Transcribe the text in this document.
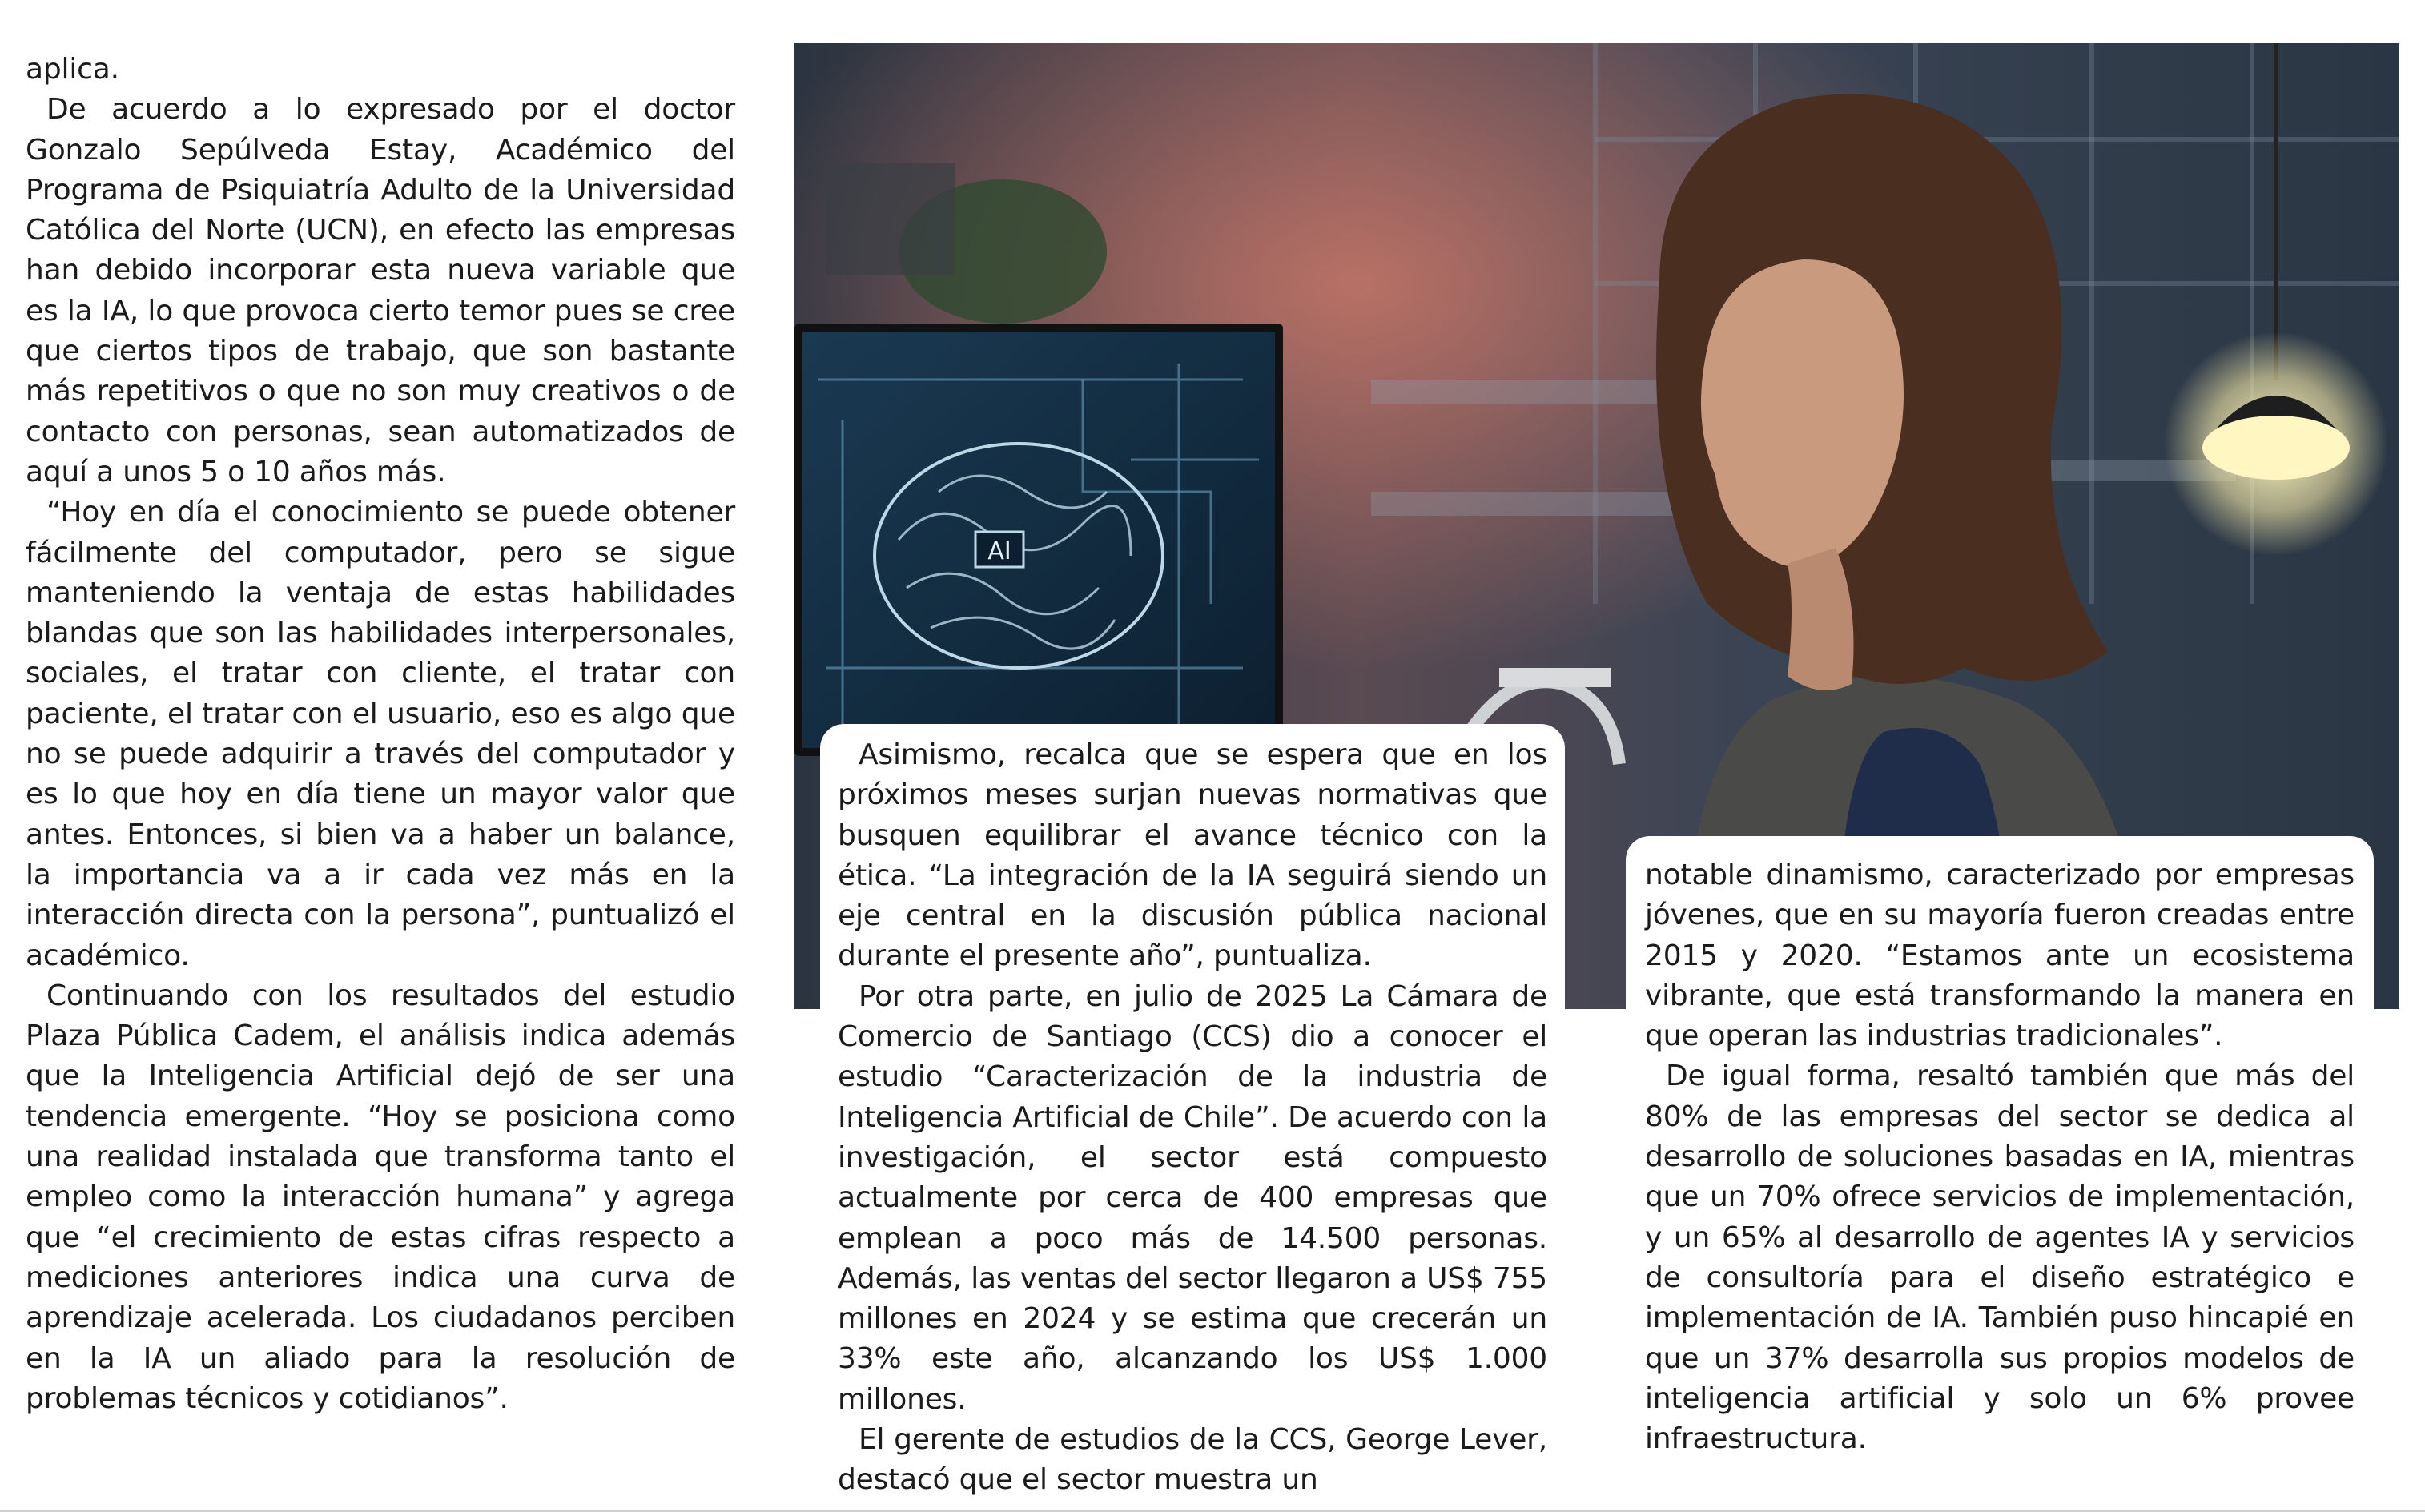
aplica.

De acuerdo a lo expresado por el doctor Gonzalo Sepúlveda Estay, Académico del Programa de Psiquiatría Adulto de la Universidad Católica del Norte (UCN), en efecto las empresas han debido incorporar esta nueva variable que es la IA, lo que provoca cierto temor pues se cree que ciertos tipos de trabajo, que son bastante más repetitivos o que no son muy creativos o de contacto con personas, sean automatizados de aquí a unos 5 o 10 años más.

“Hoy en día el conocimiento se puede obtener fácilmente del computador, pero se sigue manteniendo la ventaja de estas habilidades blandas que son las habilidades interpersonales, sociales, el tratar con cliente, el tratar con paciente, el tratar con el usuario, eso es algo que no se puede adquirir a través del computador y es lo que hoy en día tiene un mayor valor que antes. Entonces, si bien va a haber un balance, la importancia va a ir cada vez más en la interacción directa con la persona”, puntualizó el académico.

Continuando con los resultados del estudio Plaza Pública Cadem, el análisis indica además que la Inteligencia Artificial dejó de ser una tendencia emergente. “Hoy se posiciona como una realidad instalada que transforma tanto el empleo como la interacción humana” y agrega que “el crecimiento de estas cifras respecto a mediciones anteriores indica una curva de aprendizaje acelerada. Los ciudadanos perciben en la IA un aliado para la resolución de problemas técnicos y cotidianos”.

AI

Asimismo, recalca que se espera que en los próximos meses surjan nuevas normativas que busquen equilibrar el avance técnico con la ética. “La integración de la IA seguirá siendo un eje central en la discusión pública nacional durante el presente año”, puntualiza.

Por otra parte, en julio de 2025 La Cámara de Comercio de Santiago (CCS) dio a conocer el estudio “Caracterización de la industria de Inteligencia Artificial de Chile”. De acuerdo con la investigación, el sector está compuesto actualmente por cerca de 400 empresas que emplean a poco más de 14.500 personas. Además, las ventas del sector llegaron a US$ 755 millones en 2024 y se estima que crecerán un 33% este año, alcanzando los US$ 1.000 millones.

El gerente de estudios de la CCS, George Lever, destacó que el sector muestra un

notable dinamismo, caracterizado por empresas jóvenes, que en su mayoría fueron creadas entre 2015 y 2020. “Estamos ante un ecosistema vibrante, que está transformando la manera en que operan las industrias tradicionales”.

De igual forma, resaltó también que más del 80% de las empresas del sector se dedica al desarrollo de soluciones basadas en IA, mientras que un 70% ofrece servicios de implementación, y un 65% al desarrollo de agentes IA y servicios de consultoría para el diseño estratégico e implementación de IA. También puso hincapié en que un 37% desarrolla sus propios modelos de inteligencia artificial y solo un 6% provee infraestructura.
